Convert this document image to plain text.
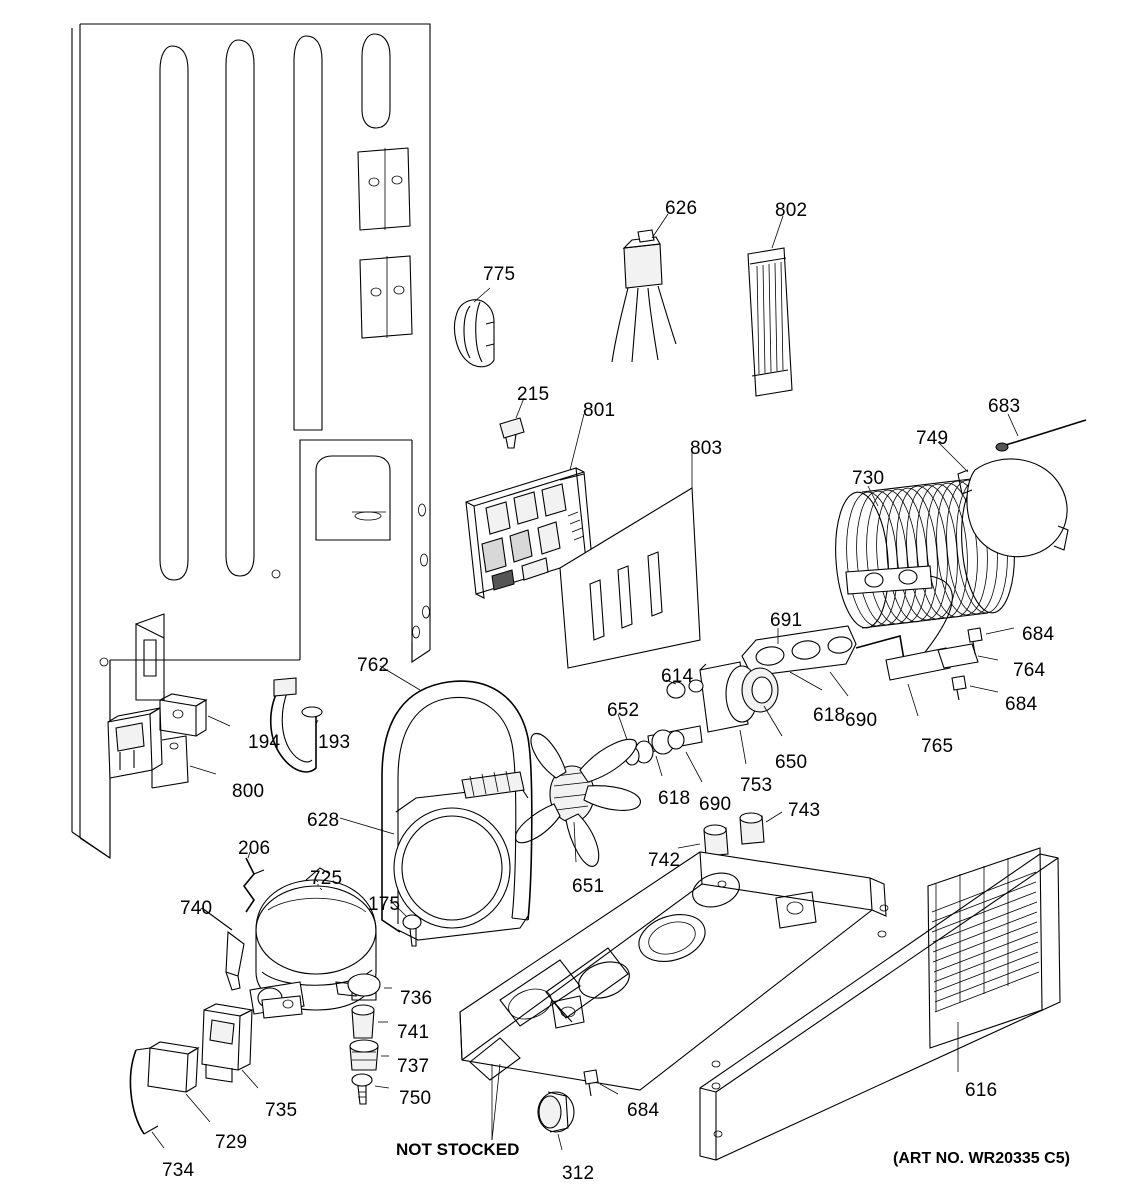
626	802
775
683
215
801
749
803
730
691
684
614	764
762
652	690
684
618
194 193
650
765
753
618 690
800
743
628
742
206
651
725
175
740
736
741
737
750
735
729
734
684
312
616
NOT STOCKED	(ART NO. WR20335 C5)
